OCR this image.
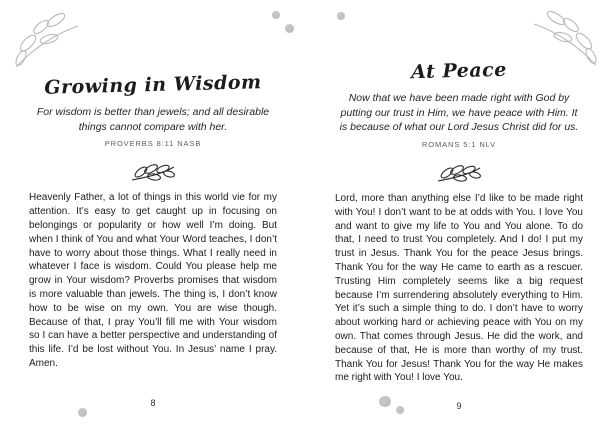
Growing in Wisdom
For wisdom is better than jewels; and all desirable things cannot compare with her.
PROVERBS 8:11 NASB
Heavenly Father, a lot of things in this world vie for my attention. It’s easy to get caught up in focusing on belongings or popularity or how well I’m doing. But when I think of You and what Your Word teaches, I don’t have to worry about those things. What I really need in whatever I face is wisdom. Could You please help me grow in Your wisdom? Proverbs promises that wisdom is more valuable than jewels. The thing is, I don’t know how to be wise on my own. You are wise though. Because of that, I pray You’ll fill me with Your wisdom so I can have a better perspective and understanding of this life. I’d be lost without You. In Jesus’ name I pray. Amen.
8
At Peace
Now that we have been made right with God by putting our trust in Him, we have peace with Him. It is because of what our Lord Jesus Christ did for us.
ROMANS 5:1 NLV
Lord, more than anything else I’d like to be made right with You! I don’t want to be at odds with You. I love You and want to give my life to You and You alone. To do that, I need to trust You completely. And I do! I put my trust in Jesus. Thank You for the peace Jesus brings. Thank You for the way He came to earth as a rescuer. Trusting Him completely seems like a big request because I’m surrendering absolutely everything to Him. Yet it’s such a simple thing to do. I don’t have to worry about working hard or achieving peace with You on my own. That comes through Jesus. He did the work, and because of that, He is more than worthy of my trust. Thank You for Jesus! Thank You for the way He makes me right with You! I love You.
9
